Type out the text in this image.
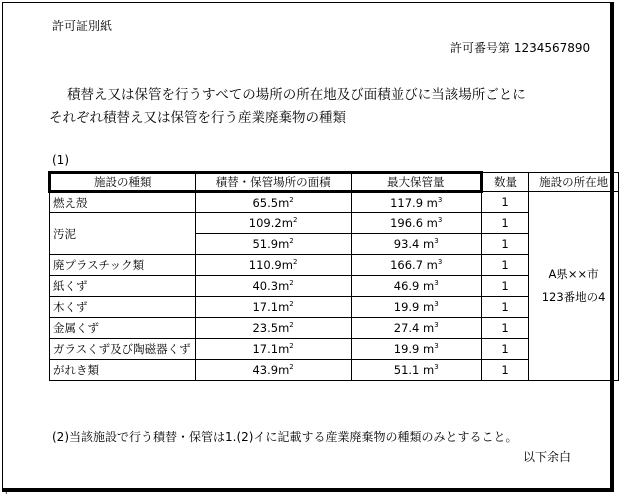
'
許可証別紙
許可番号第 1234567890
積替え又は保管を行うすべての場所の所在地及び面積並びに当該場所ごとに
それぞれ積替え又は保管を行う産業廃棄物の種類
(1)
施設の種類	積替・保管場所の面積	最大保管量	数量	施設の所在地
燃え殻	$65.5m^2$	117.9 $m^3$	1	A県××市
123番地の4

汚泥	$109.2m^2$	196.6 $m^3$	1	
	$51.9m^2$	93.4 $m^3$	1	
廃プラスチック類	$110.9m^2$	166.7 $m^3$	1	
紙くず	$40.3m^2$	46.9 $m^3$	1	
木くず	$17.1m^2$	19.9 $m^3$	1	
金属くず	$23.5m^2$	27.4 $m^3$	1	
ガラスくず及び陶磁器くず	$17.1m^2$	19.9 $m^3$	1	
がれき類	$43.9m^2$	51.1 $m^3$	1	
(2)当該施設で行う積替・保管は1.(2)イに記載する産業廃棄物の種類のみとすること。
以下余白
